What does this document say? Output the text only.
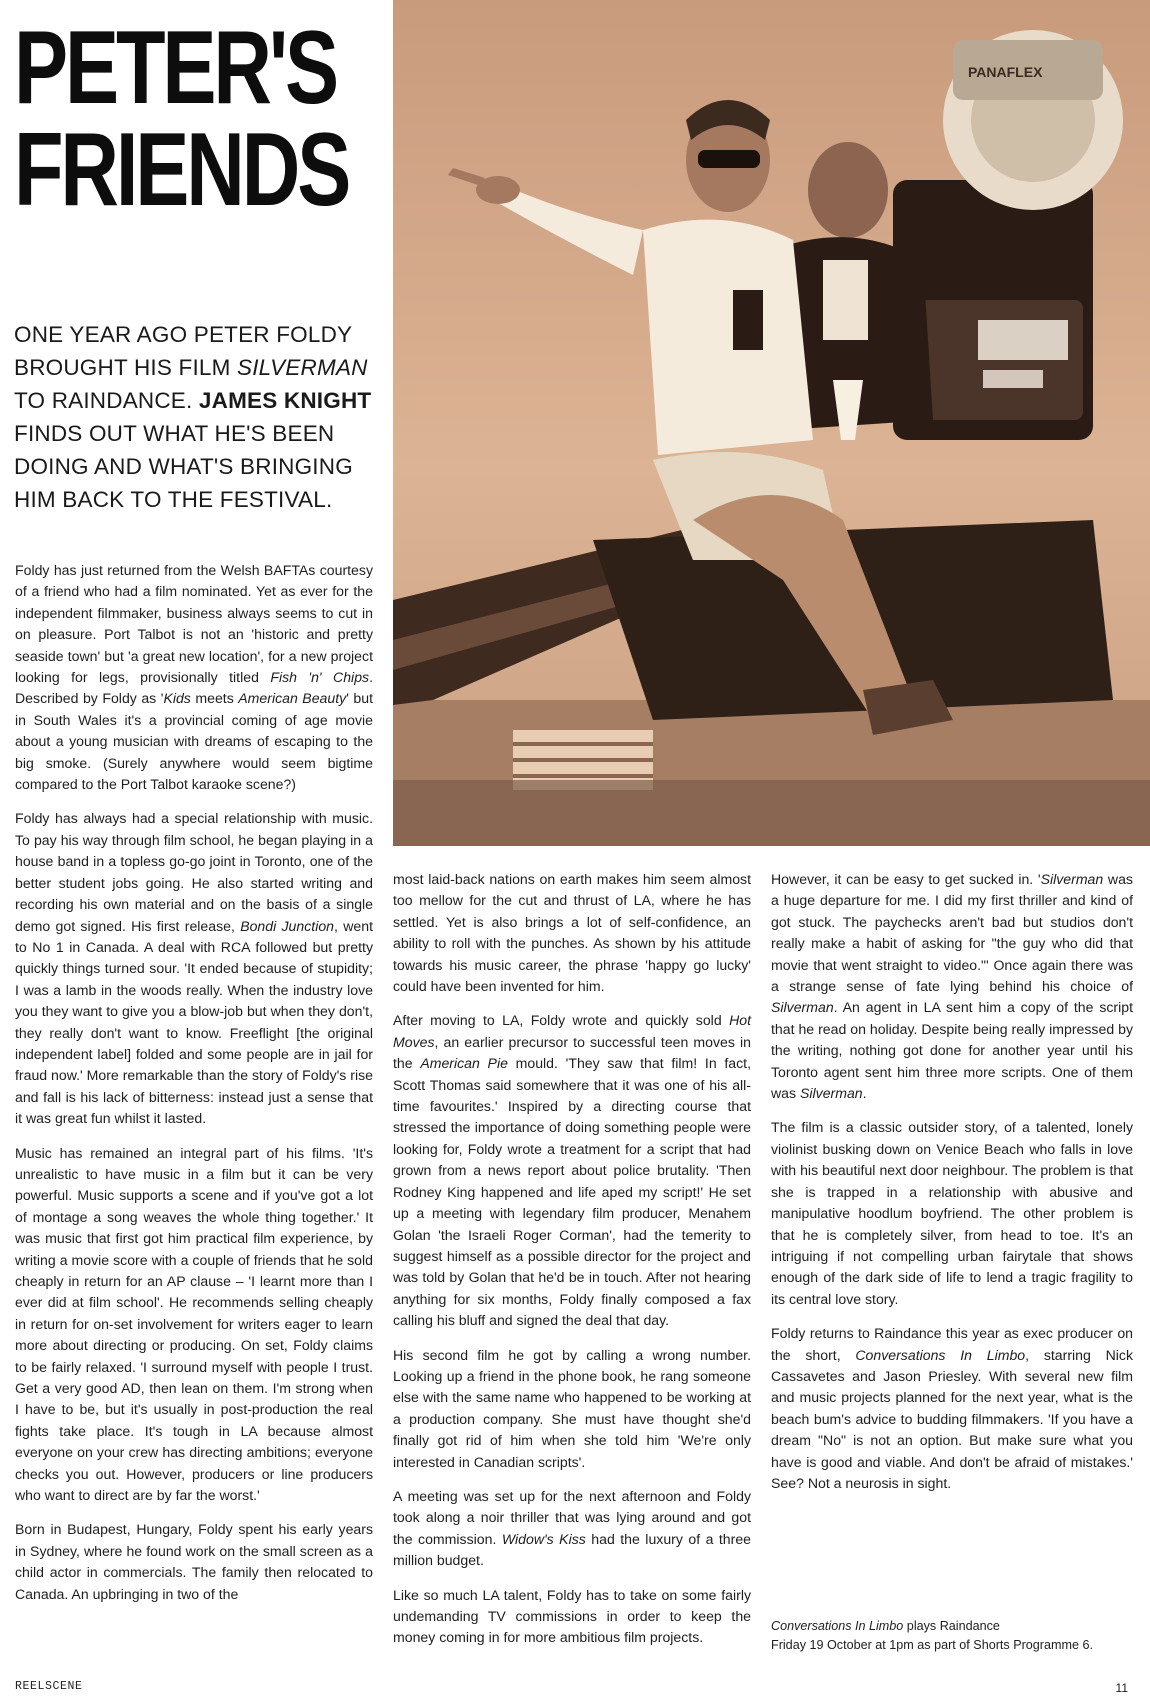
PETER'S
FRIENDS

ONE YEAR AGO PETER FOLDY BROUGHT HIS FILM SILVERMAN TO RAINDANCE. JAMES KNIGHT FINDS OUT WHAT HE'S BEEN DOING AND WHAT'S BRINGING HIM BACK TO THE FESTIVAL.

PANAFLEX

Foldy has just returned from the Welsh BAFTAs courtesy of a friend who had a film nominated. Yet as ever for the independent filmmaker, business always seems to cut in on pleasure. Port Talbot is not an 'historic and pretty seaside town' but 'a great new location', for a new project looking for legs, provisionally titled Fish 'n' Chips. Described by Foldy as 'Kids meets American Beauty' but in South Wales it's a provincial coming of age movie about a young musician with dreams of escaping to the big smoke. (Surely anywhere would seem bigtime compared to the Port Talbot karaoke scene?)

Foldy has always had a special relationship with music. To pay his way through film school, he began playing in a house band in a topless go-go joint in Toronto, one of the better student jobs going. He also started writing and recording his own material and on the basis of a single demo got signed. His first release, Bondi Junction, went to No 1 in Canada. A deal with RCA followed but pretty quickly things turned sour. 'It ended because of stupidity; I was a lamb in the woods really. When the industry love you they want to give you a blow-job but when they don't, they really don't want to know. Freeflight [the original independent label] folded and some people are in jail for fraud now.' More remarkable than the story of Foldy's rise and fall is his lack of bitterness: instead just a sense that it was great fun whilst it lasted.

Music has remained an integral part of his films. 'It's unrealistic to have music in a film but it can be very powerful. Music supports a scene and if you've got a lot of montage a song weaves the whole thing together.' It was music that first got him practical film experience, by writing a movie score with a couple of friends that he sold cheaply in return for an AP clause – 'I learnt more than I ever did at film school'. He recommends selling cheaply in return for on-set involvement for writers eager to learn more about directing or producing. On set, Foldy claims to be fairly relaxed. 'I surround myself with people I trust. Get a very good AD, then lean on them. I'm strong when I have to be, but it's usually in post-production the real fights take place. It's tough in LA because almost everyone on your crew has directing ambitions; everyone checks you out. However, producers or line producers who want to direct are by far the worst.'

Born in Budapest, Hungary, Foldy spent his early years in Sydney, where he found work on the small screen as a child actor in commercials. The family then relocated to Canada. An upbringing in two of the

most laid-back nations on earth makes him seem almost too mellow for the cut and thrust of LA, where he has settled. Yet is also brings a lot of self-confidence, an ability to roll with the punches. As shown by his attitude towards his music career, the phrase 'happy go lucky' could have been invented for him.

After moving to LA, Foldy wrote and quickly sold Hot Moves, an earlier precursor to successful teen moves in the American Pie mould. 'They saw that film! In fact, Scott Thomas said somewhere that it was one of his all-time favourites.' Inspired by a directing course that stressed the importance of doing something people were looking for, Foldy wrote a treatment for a script that had grown from a news report about police brutality. 'Then Rodney King happened and life aped my script!' He set up a meeting with legendary film producer, Menahem Golan 'the Israeli Roger Corman', had the temerity to suggest himself as a possible director for the project and was told by Golan that he'd be in touch. After not hearing anything for six months, Foldy finally composed a fax calling his bluff and signed the deal that day.

His second film he got by calling a wrong number. Looking up a friend in the phone book, he rang someone else with the same name who happened to be working at a production company. She must have thought she'd finally got rid of him when she told him 'We're only interested in Canadian scripts'.

A meeting was set up for the next afternoon and Foldy took along a noir thriller that was lying around and got the commission. Widow's Kiss had the luxury of a three million budget.

Like so much LA talent, Foldy has to take on some fairly undemanding TV commissions in order to keep the money coming in for more ambitious film projects.

However, it can be easy to get sucked in. 'Silverman was a huge departure for me. I did my first thriller and kind of got stuck. The paychecks aren't bad but studios don't really make a habit of asking for "the guy who did that movie that went straight to video."' Once again there was a strange sense of fate lying behind his choice of Silverman. An agent in LA sent him a copy of the script that he read on holiday. Despite being really impressed by the writing, nothing got done for another year until his Toronto agent sent him three more scripts. One of them was Silverman.

The film is a classic outsider story, of a talented, lonely violinist busking down on Venice Beach who falls in love with his beautiful next door neighbour. The problem is that she is trapped in a relationship with abusive and manipulative hoodlum boyfriend. The other problem is that he is completely silver, from head to toe. It's an intriguing if not compelling urban fairytale that shows enough of the dark side of life to lend a tragic fragility to its central love story.

Foldy returns to Raindance this year as exec producer on the short, Conversations In Limbo, starring Nick Cassavetes and Jason Priesley. With several new film and music projects planned for the next year, what is the beach bum's advice to budding filmmakers. 'If you have a dream "No" is not an option. But make sure what you have is good and viable. And don't be afraid of mistakes.' See? Not a neurosis in sight.

Conversations In Limbo plays Raindance
Friday 19 October at 1pm as part of Shorts Programme 6.
REELSCENE	11
